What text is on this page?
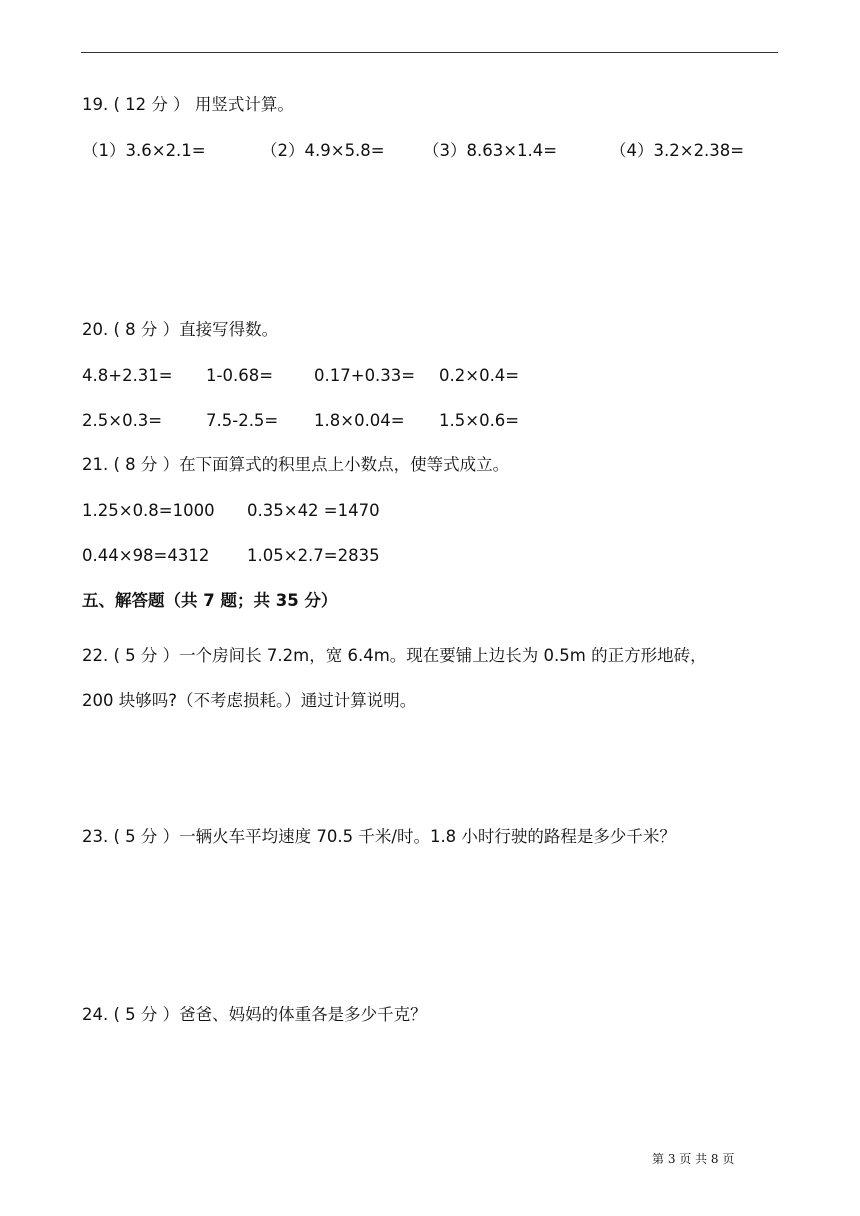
19. ( 12 分 ） 用竖式计算。
（1）3.6×2.1=	（2）4.9×5.8= （3）8.63×1.4=	（4）3.2×2.38=
20. ( 8 分 ）直接写得数。
4.8+2.31= 1-0.68= 0.17+0.33= 0.2×0.4=
2.5×0.3=	7.5-2.5= 1.8×0.04= 1.5×0.6=
21. ( 8 分 ）在下面算式的积里点上小数点，使等式成立。
1.25×0.8=1000 0.35×42 =1470
0.44×98=4312 1.05×2.7=2835
五、解答题（共 7 题；共 35 分）
22. ( 5 分 ）一个房间长 7.2m，宽 6.4m。现在要铺上边长为 0.5m 的正方形地砖，
200 块够吗?（不考虑损耗。）通过计算说明。
23. ( 5 分 ）一辆火车平均速度 70.5 千米/时。1.8 小时行驶的路程是多少千米？
24. ( 5 分 ）爸爸、妈妈的体重各是多少千克？
第 3 页 共 8 页
